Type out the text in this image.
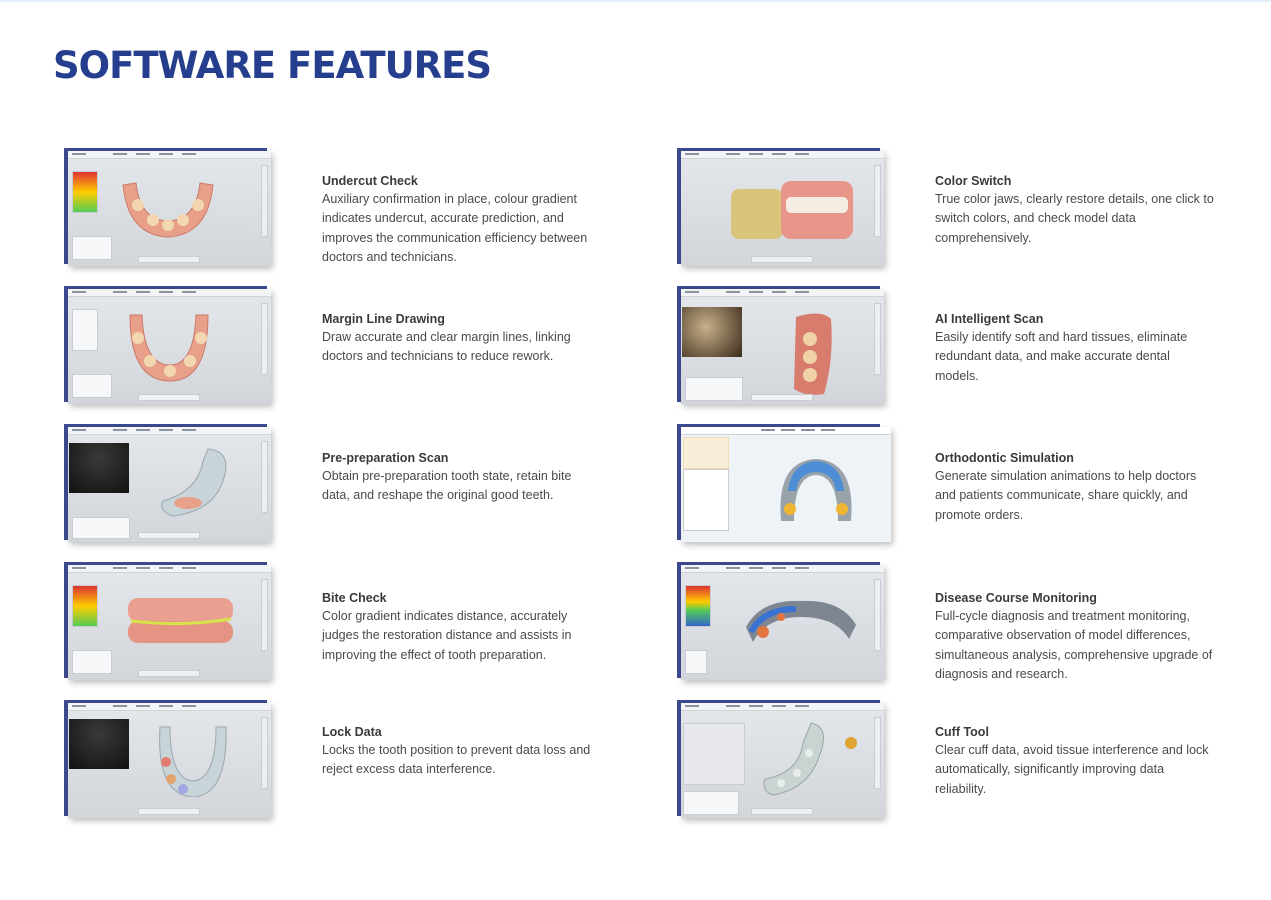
SOFTWARE FEATURES

Undercut Check

Auxiliary confirmation in place, colour gradient indicates undercut, accurate prediction, and improves the communication efficiency between doctors and technicians.

Margin Line Drawing

Draw accurate and clear margin lines, linking doctors and technicians to reduce rework.

Pre-preparation Scan

Obtain pre-preparation tooth state, retain bite data, and reshape the original good teeth.

Bite Check

Color gradient indicates distance, accurately judges the restoration distance and assists in improving the effect of tooth preparation.

Lock Data

Locks the tooth position to prevent data loss and reject excess data interference.

Color Switch

True color jaws, clearly restore details, one click to switch colors, and check model data comprehensively.

AI Intelligent Scan

Easily identify soft and hard tissues, eliminate redundant data, and make accurate dental models.

Orthodontic Simulation

Generate simulation animations to help doctors and patients communicate, share quickly, and promote orders.

Disease Course Monitoring

Full-cycle diagnosis and treatment monitoring, comparative observation of model differences, simultaneous analysis, comprehensive upgrade of diagnosis and research.

Cuff Tool

Clear cuff data, avoid tissue interference and lock automatically, significantly improving data reliability.
